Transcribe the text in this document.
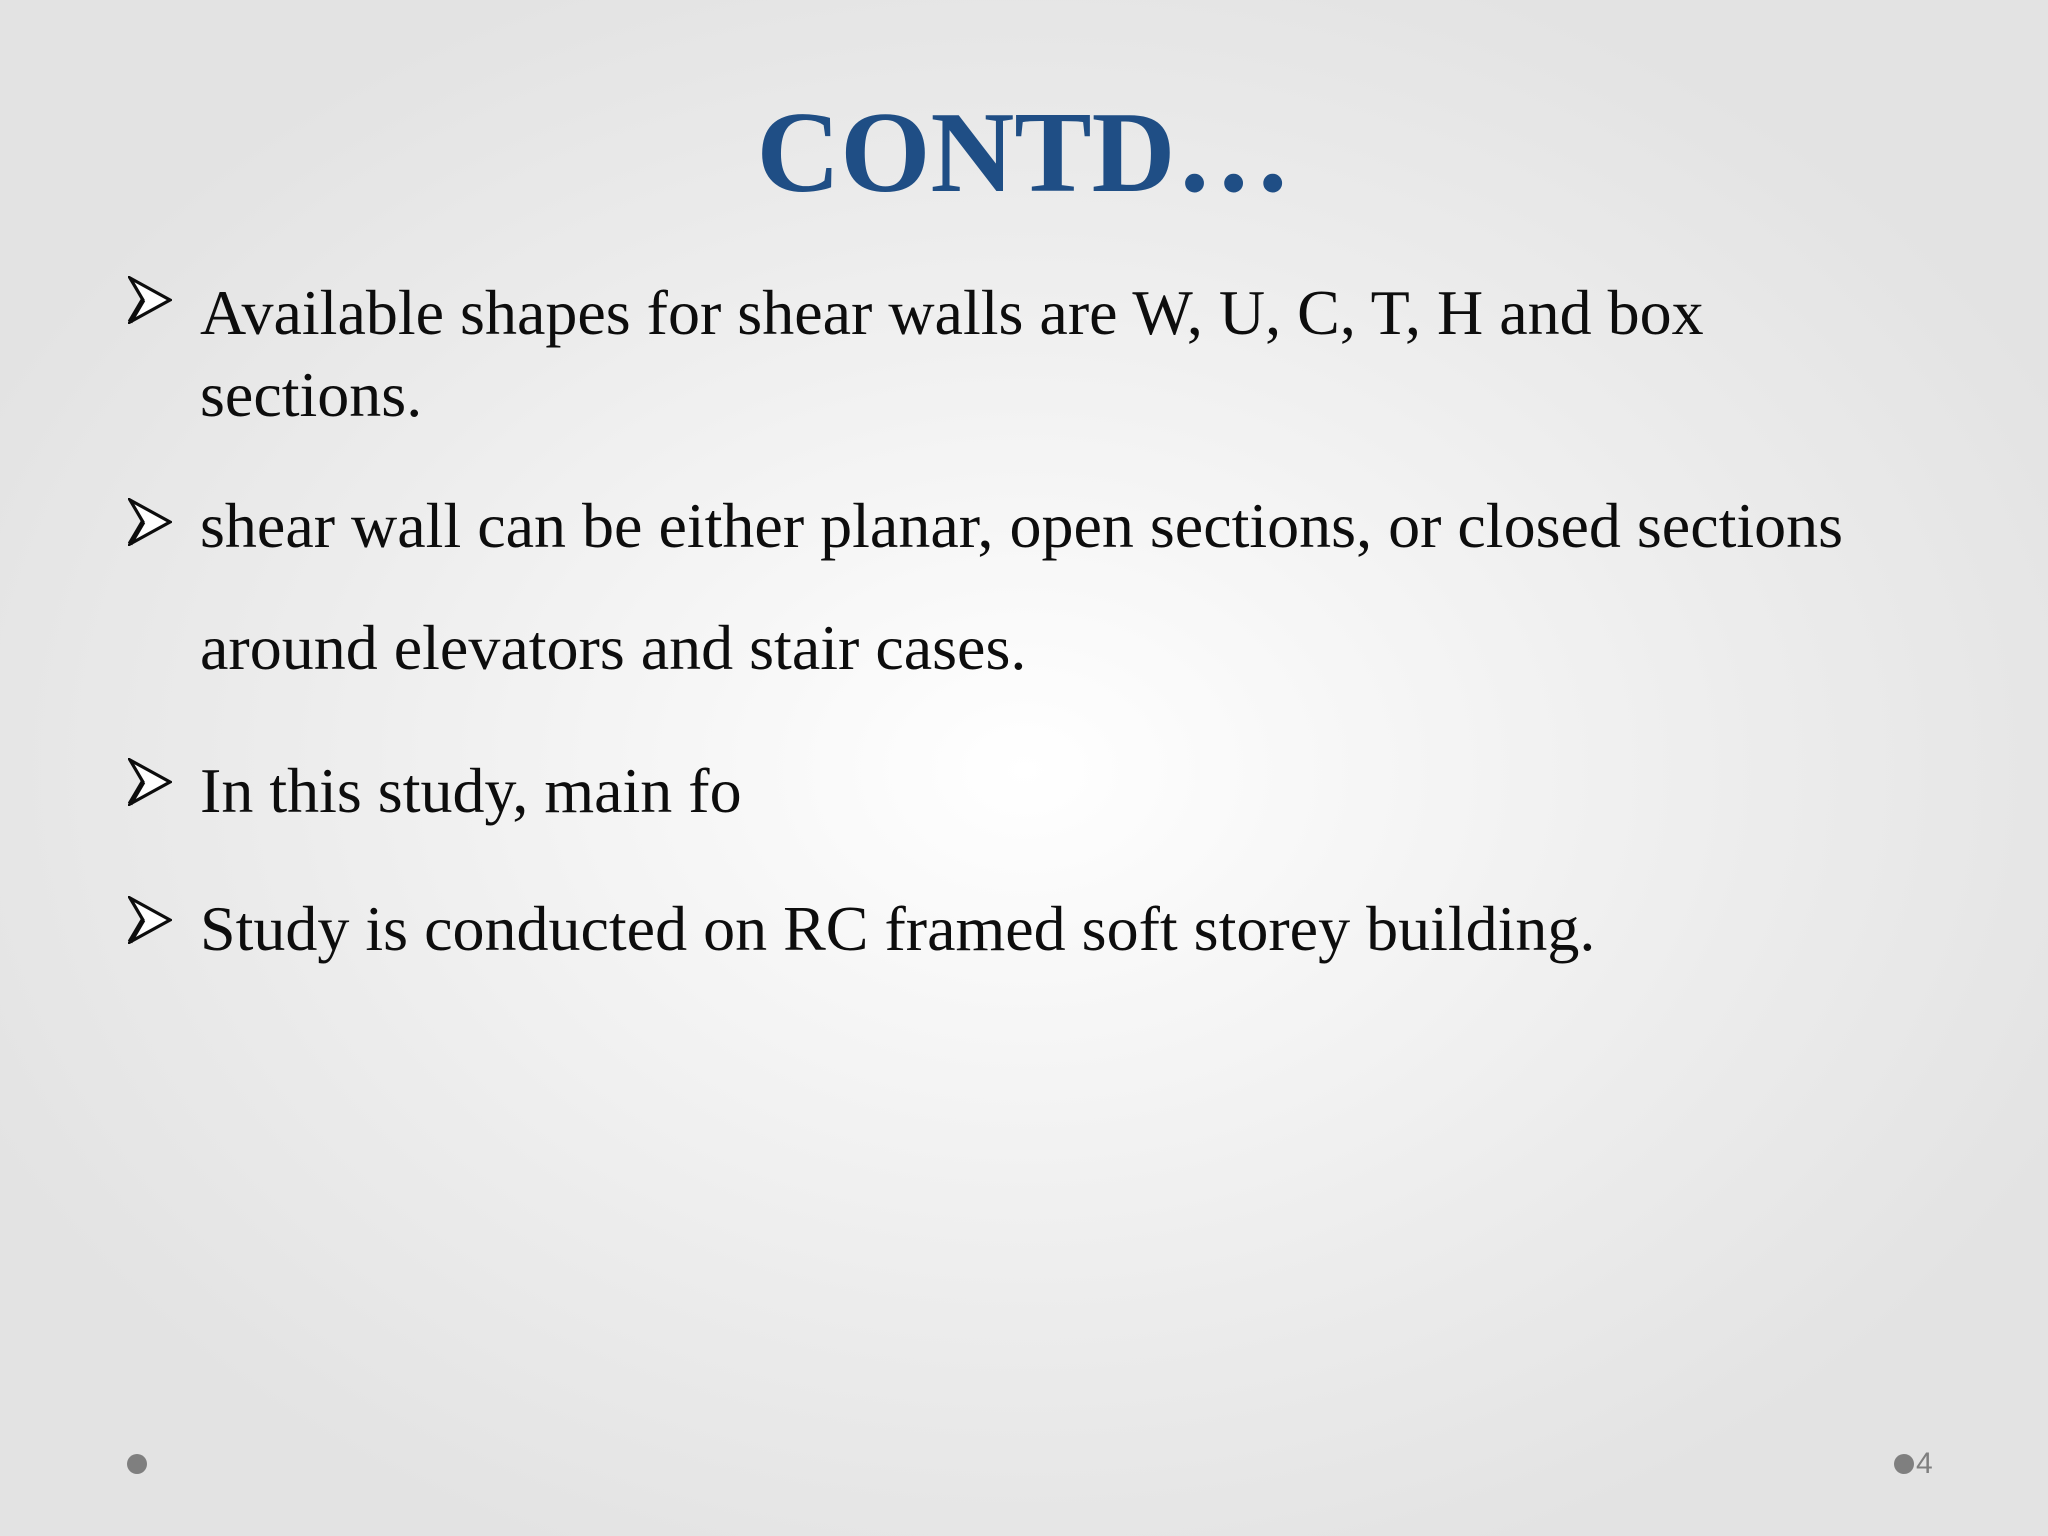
CONTD…

Available shapes for shear walls are W, U, C, T, H and box sections.

shear wall can be either planar, open sections, or closed sections around elevators and stair cases.

In this study, main fo

Study is conducted on RC framed soft storey building.

4
